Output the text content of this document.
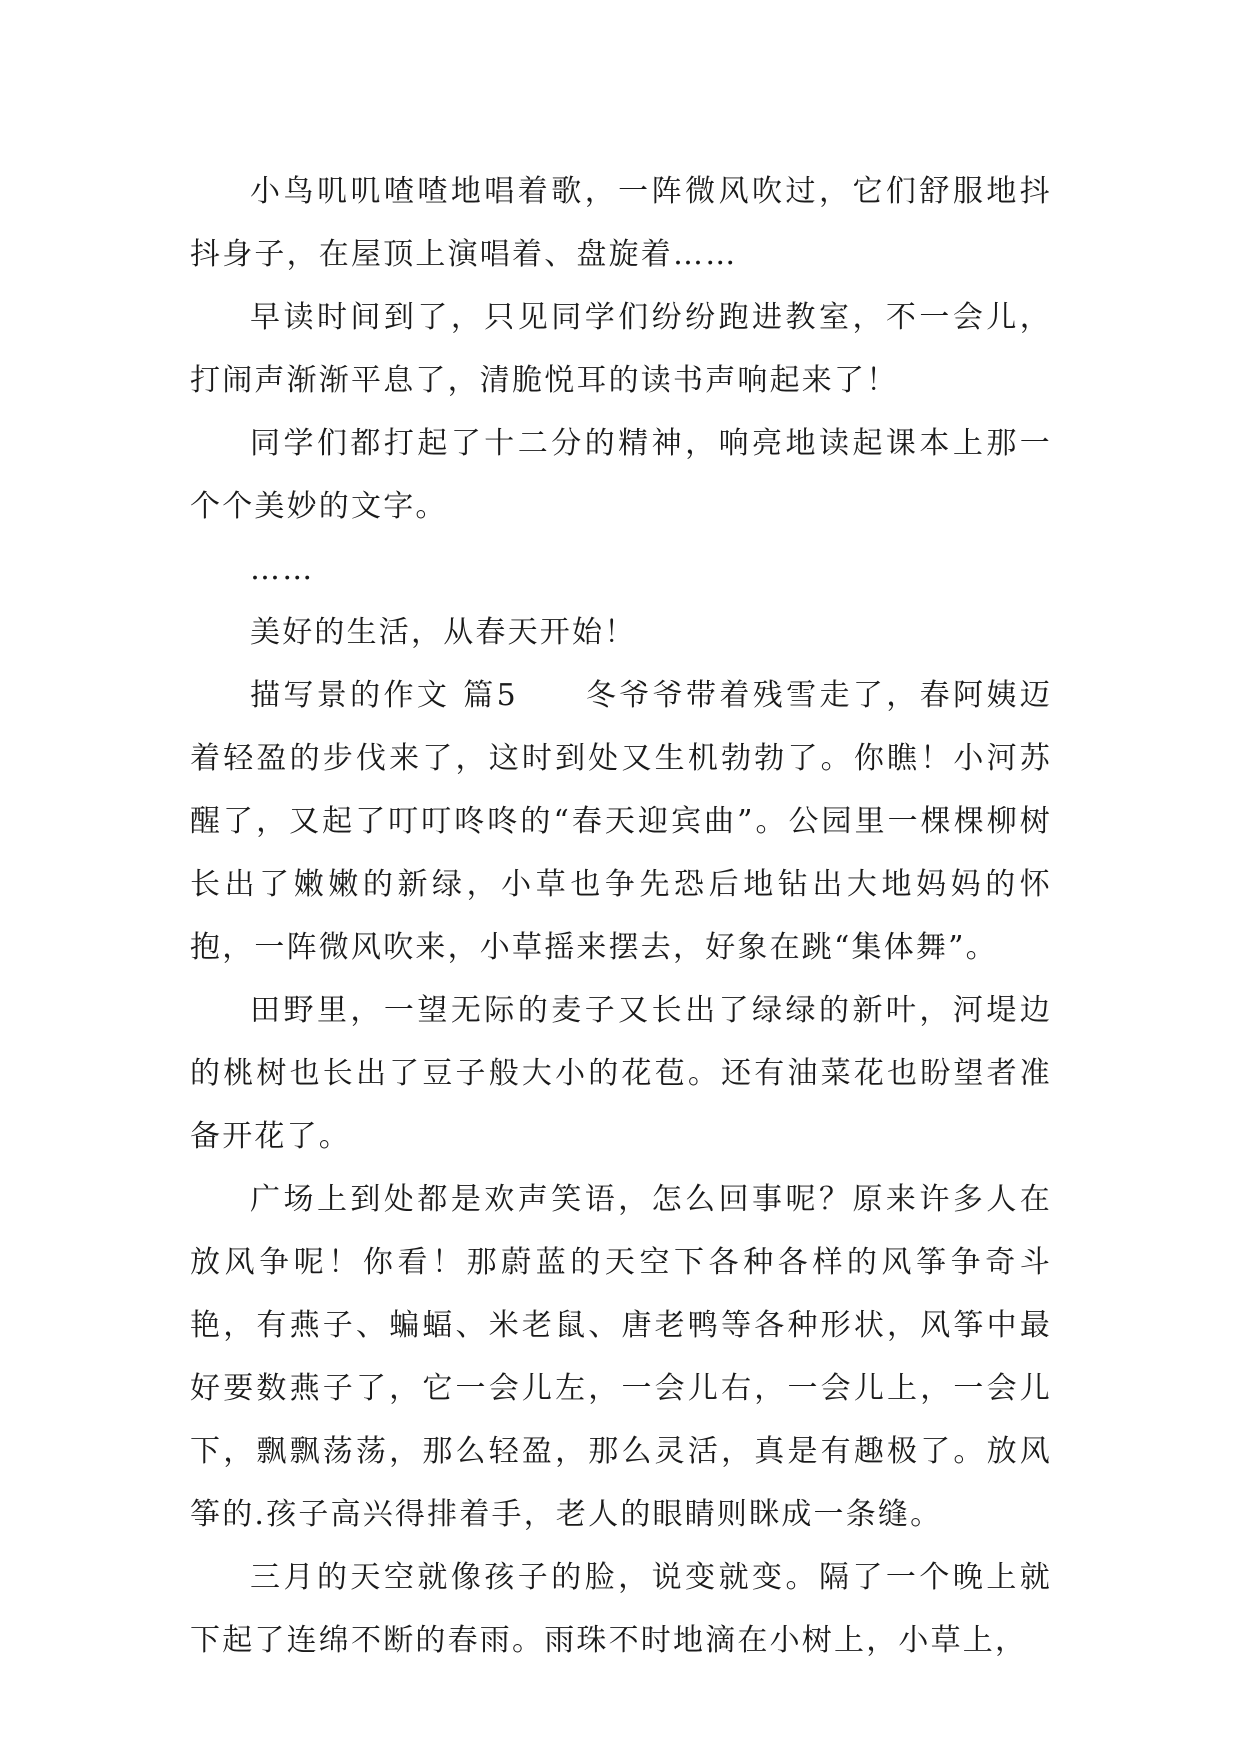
小鸟叽叽喳喳地唱着歌，一阵微风吹过，它们舒服地抖抖身子，在屋顶上演唱着、盘旋着……

早读时间到了，只见同学们纷纷跑进教室，不一会儿，打闹声渐渐平息了，清脆悦耳的读书声响起来了！

同学们都打起了十二分的精神，响亮地读起课本上那一个个美妙的文字。

……

美好的生活，从春天开始！

描写景的作文 篇5　　冬爷爷带着残雪走了，春阿姨迈着轻盈的步伐来了，这时到处又生机勃勃了。你瞧！小河苏醒了，又起了叮叮咚咚的“春天迎宾曲”。公园里一棵棵柳树长出了嫩嫩的新绿，小草也争先恐后地钻出大地妈妈的怀抱，一阵微风吹来，小草摇来摆去，好象在跳“集体舞”。

田野里，一望无际的麦子又长出了绿绿的新叶，河堤边的桃树也长出了豆子般大小的花苞。还有油菜花也盼望者准备开花了。

广场上到处都是欢声笑语，怎么回事呢？原来许多人在放风争呢！你看！那蔚蓝的天空下各种各样的风筝争奇斗艳，有燕子、蝙蝠、米老鼠、唐老鸭等各种形状，风筝中最好要数燕子了，它一会儿左，一会儿右，一会儿上，一会儿下，飘飘荡荡，那么轻盈，那么灵活，真是有趣极了。放风筝的.孩子高兴得排着手，老人的眼睛则眯成一条缝。

三月的天空就像孩子的脸，说变就变。隔了一个晚上就下起了连绵不断的春雨。雨珠不时地滴在小树上，小草上，
